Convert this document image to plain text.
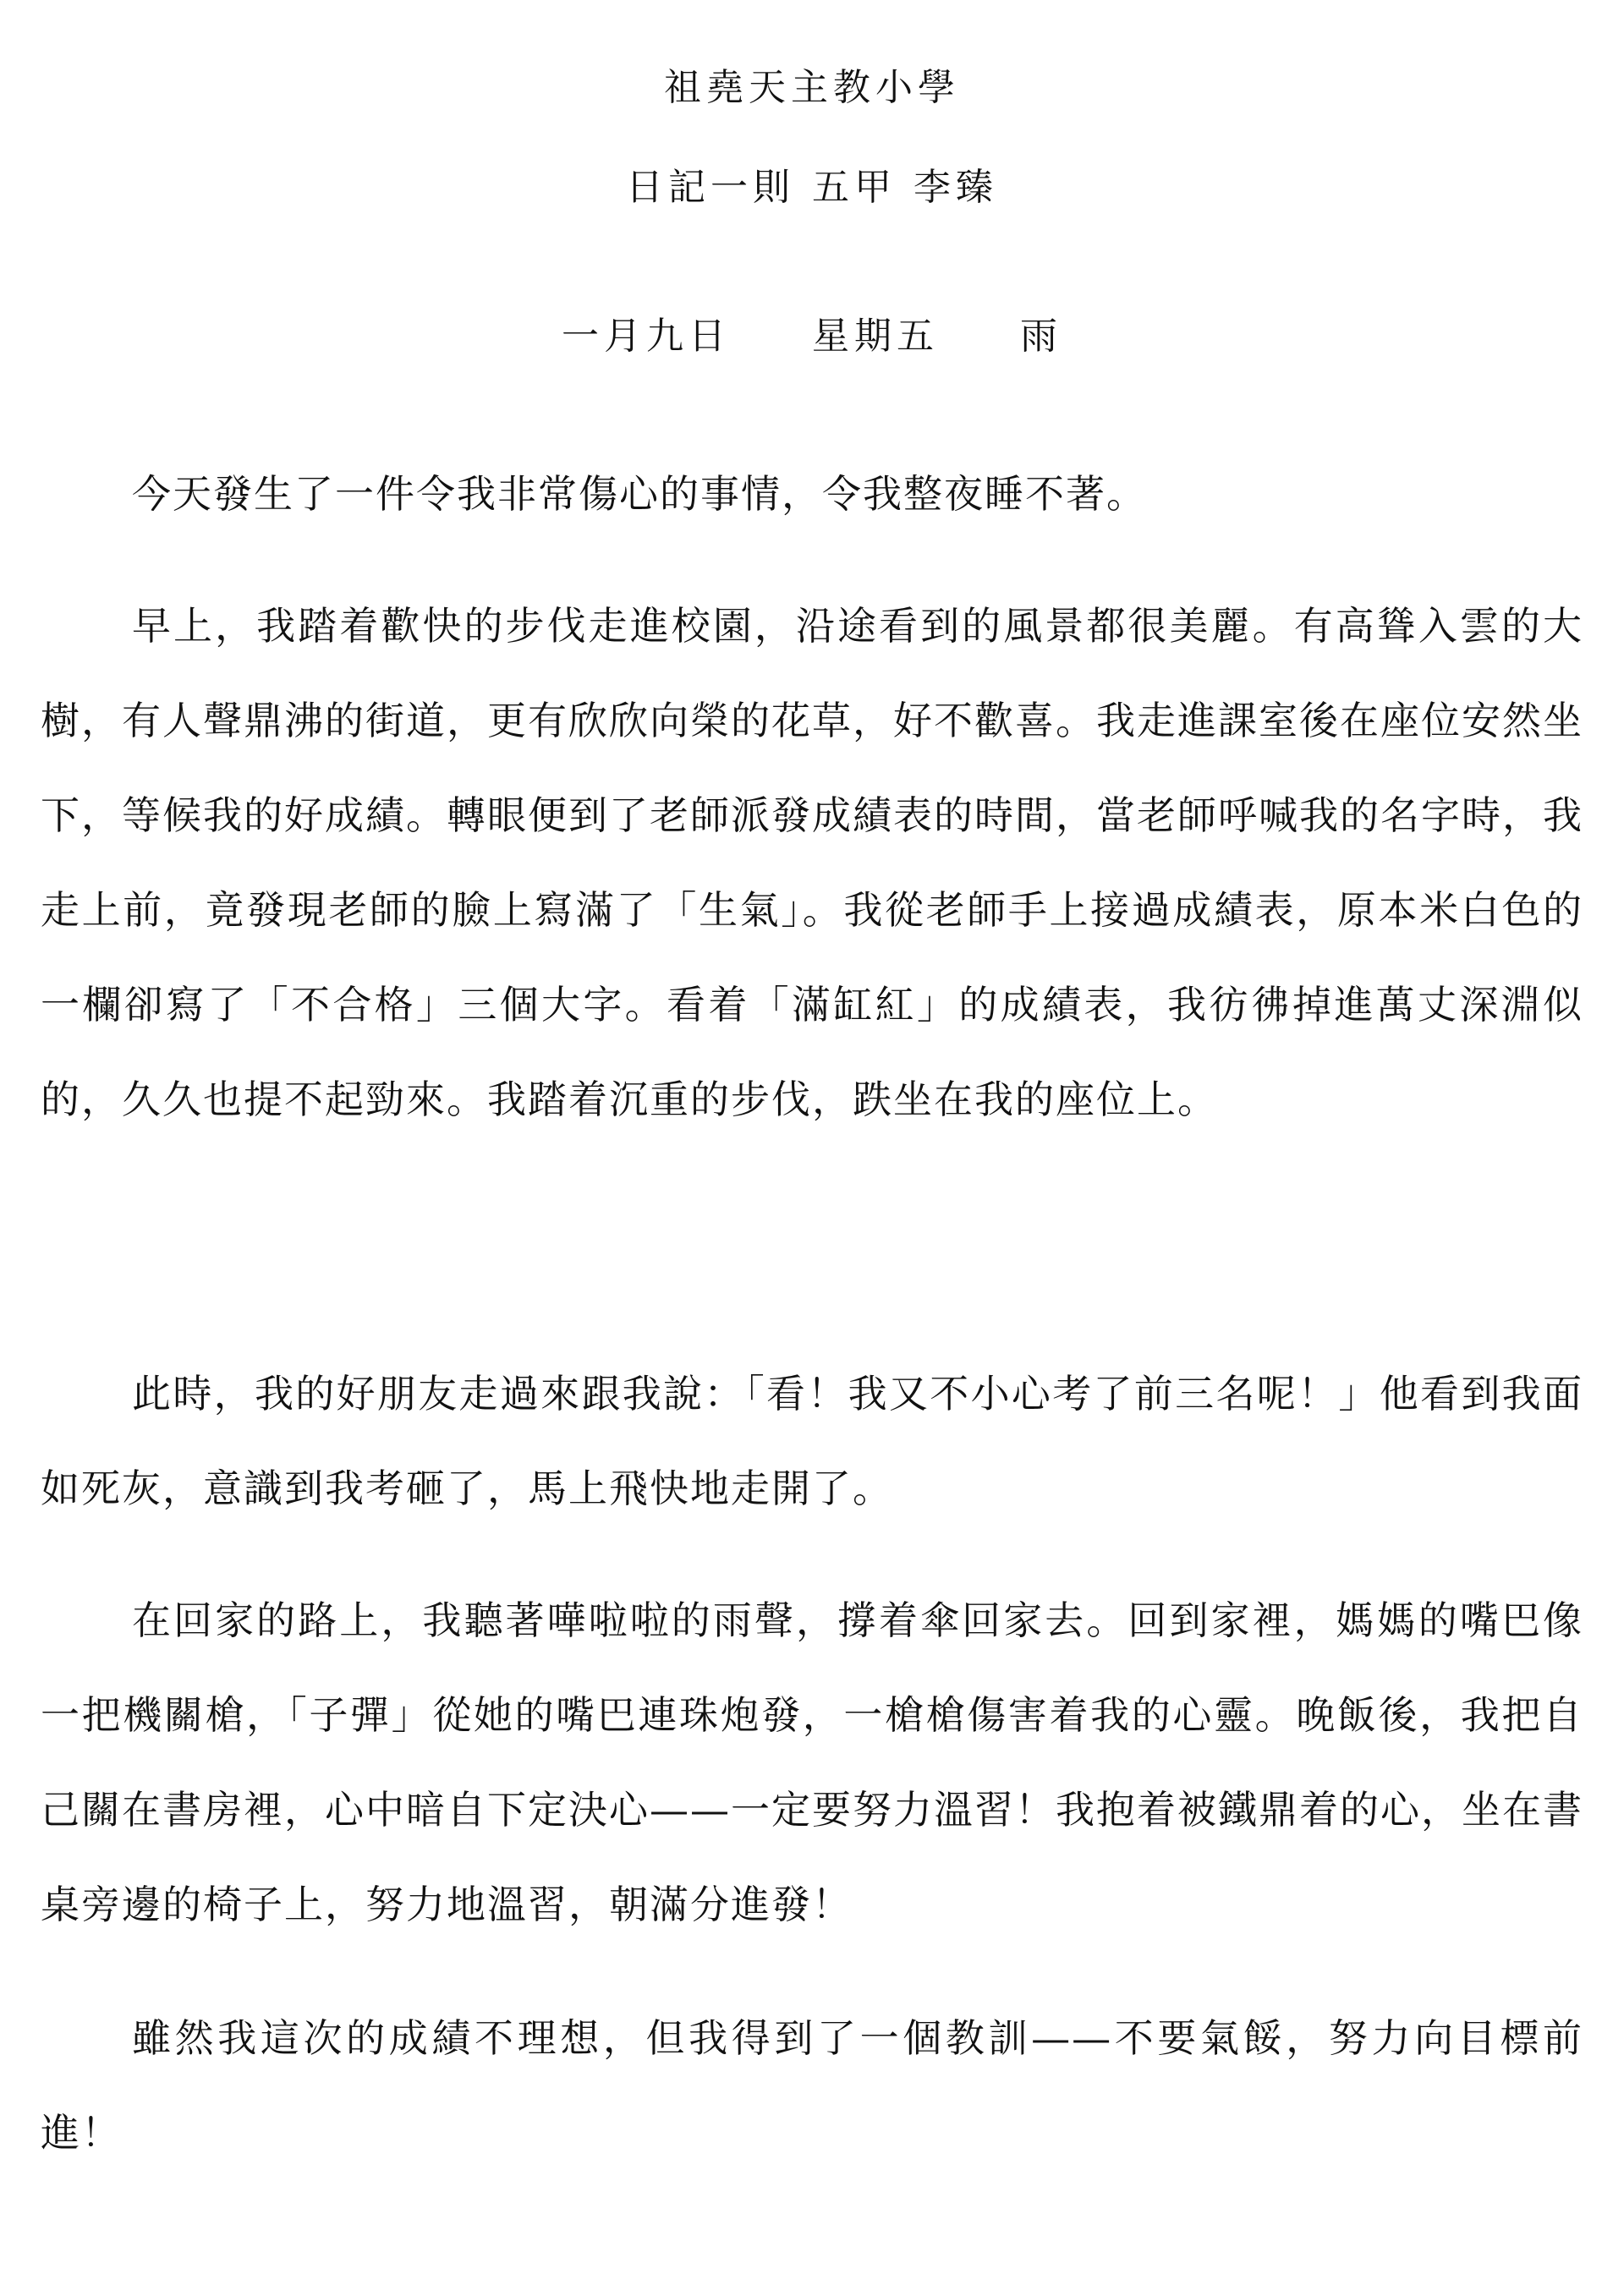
祖堯天主教小學
日記一則 五甲 李臻
一月九日 星期五 雨

今天發生了一件令我非常傷心的事情，令我整夜睡不著。

早上，我踏着歡快的步伐走進校園，沿途看到的風景都很美麗。有高聳入雲的大樹，有人聲鼎沸的街道，更有欣欣向榮的花草，好不歡喜。我走進課室後在座位安然坐下，等候我的好成績。轉眼便到了老師派發成績表的時間，當老師呼喊我的名字時，我走上前，竟發現老師的臉上寫滿了「生氣」。我從老師手上接過成績表，原本米白色的一欄卻寫了「不合格」三個大字。看着「滿缸紅」的成績表，我彷彿掉進萬丈深淵似的，久久也提不起勁來。我踏着沉重的步伐，跌坐在我的座位上。

此時，我的好朋友走過來跟我說：「看！我又不小心考了前三名呢！」他看到我面如死灰，意識到我考砸了，馬上飛快地走開了。

在回家的路上，我聽著嘩啦啦的雨聲，撐着傘回家去。回到家裡，媽媽的嘴巴像一把機關槍，「子彈」從她的嘴巴連珠炮發，一槍槍傷害着我的心靈。晚飯後，我把自己關在書房裡，心中暗自下定決心——一定要努力溫習！我抱着被鐵鼎着的心，坐在書桌旁邊的椅子上，努力地溫習，朝滿分進發！

雖然我這次的成績不理想，但我得到了一個教訓——不要氣餒，努力向目標前進！
